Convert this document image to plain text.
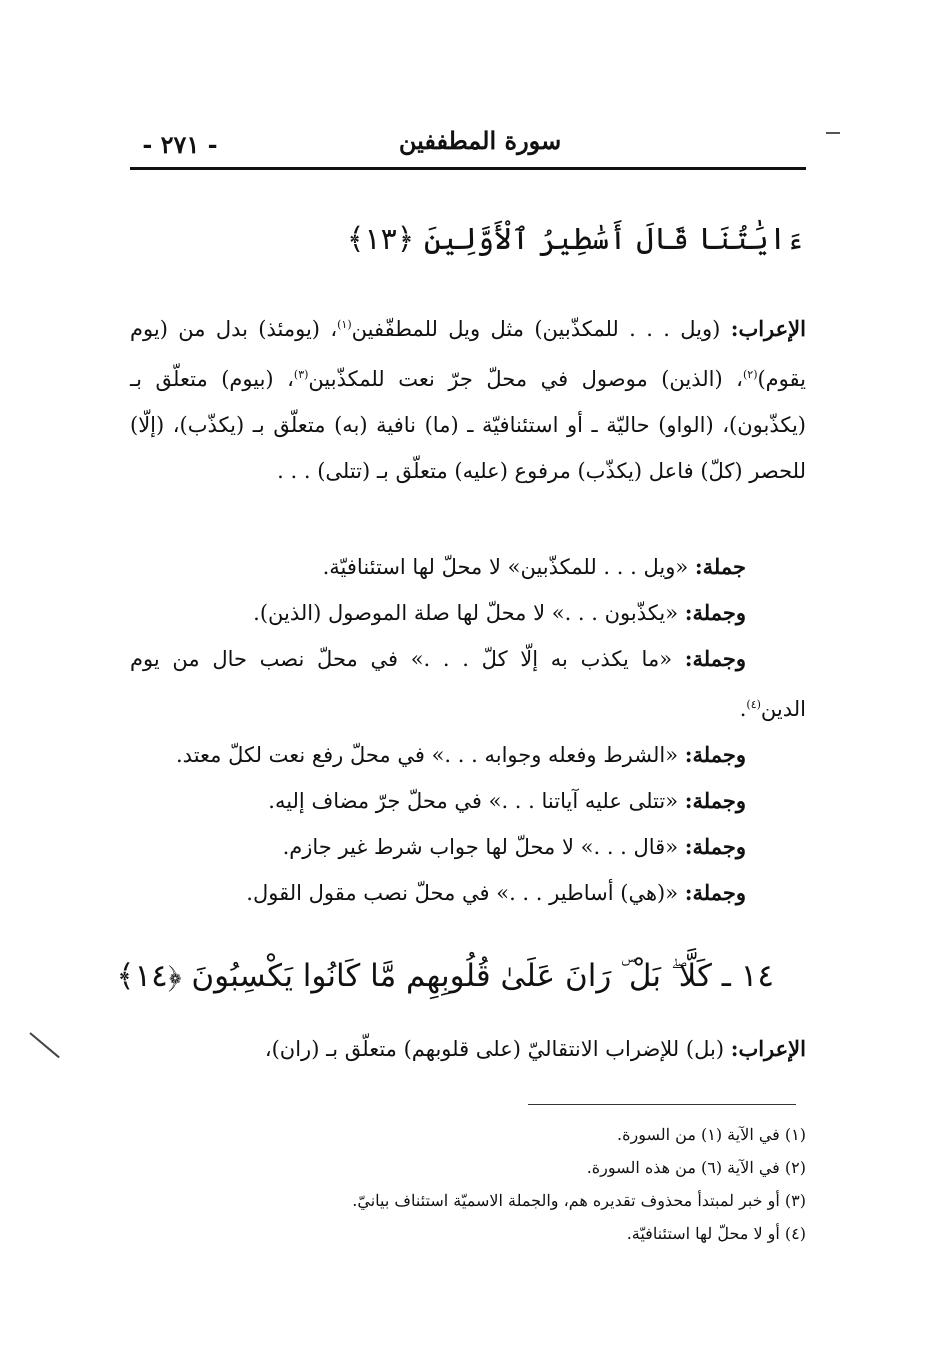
سورة المطففين
- ٢٧١ -
ءَايَٰتُنَا قَالَ أَسَٰطِيرُ ٱلْأَوَّلِينَ ﴿١٣﴾
الإعراب: (ويل . . . للمكذّبين) مثل ويل للمطفّفين$^{(١)}$، (يومئذ) بدل من (يوم يقوم)$^{(٢)}$، (الذين) موصول في محلّ جرّ نعت للمكذّبين$^{(٣)}$، (بيوم) متعلّق بـ (يكذّبون)، (الواو) حاليّة ـ أو استئنافيّة ـ (ما) نافية (به) متعلّق بـ (يكذّب)، (إلّا) للحصر (كلّ) فاعل (يكذّب) مرفوع (عليه) متعلّق بـ (تتلى) . . .
جملة: «ويل . . . للمكذّبين» لا محلّ لها استئنافيّة.
وجملة: «يكذّبون . . .» لا محلّ لها صلة الموصول (الذين).
وجملة: «ما يكذب به إلّا كلّ . . .» في محلّ نصب حال من يوم
الدين$^{(٤)}$.
وجملة: «الشرط وفعله وجوابه . . .» في محلّ رفع نعت لكلّ معتد.
وجملة: «تتلى عليه آياتنا . . .» في محلّ جرّ مضاف إليه.
وجملة: «قال . . .» لا محلّ لها جواب شرط غير جازم.
وجملة: «(هي) أساطير . . .» في محلّ نصب مقول القول.
١٤ ـ كَلَّا ۖ بَلْ ۜ رَانَ عَلَىٰ قُلُوبِهِم مَّا كَانُوا يَكْسِبُونَ ﴿١٤﴾
الإعراب: (بل) للإضراب الانتقاليّ (على قلوبهم) متعلّق بـ (ران)،
(١) في الآية (١) من السورة.
(٢) في الآية (٦) من هذه السورة.
(٣) أو خبر لمبتدأ محذوف تقديره هم، والجملة الاسميّة استئناف بيانيّ.
(٤) أو لا محلّ لها استئنافيّة.
